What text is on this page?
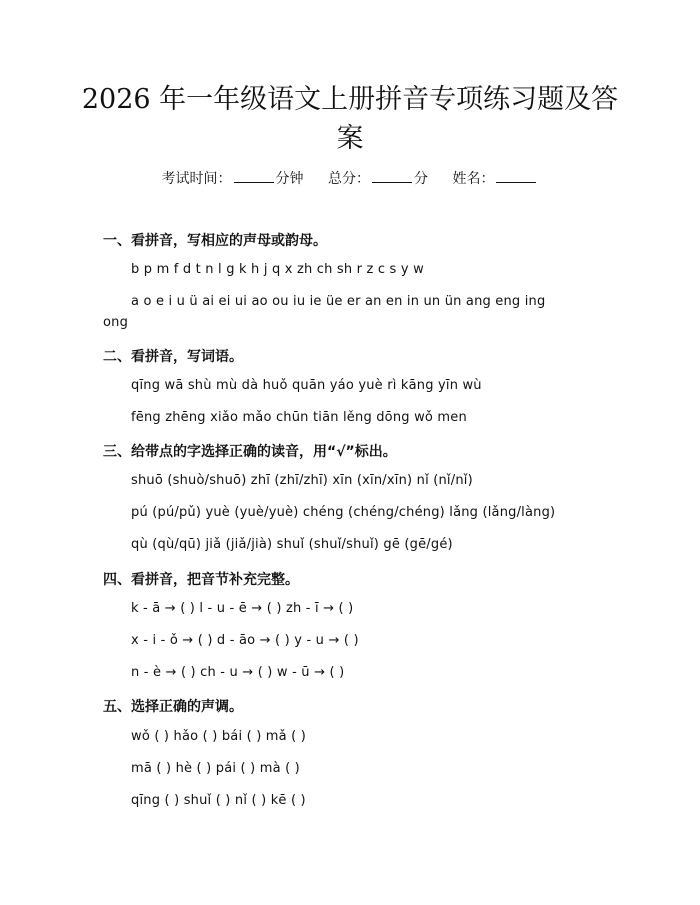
2026 年一年级语文上册拼音专项练习题及答
案
考试时间：	分钟 总分：	分 姓名：
一、看拼音，写相应的声母或韵母。
b p m f d t n l g k h j q x zh ch sh r z c s y w
a o e i u ü ai ei ui ao ou iu ie üe er an en in un ün ang eng ing
ong
二、看拼音，写词语。
qīng wā shù mù dà huǒ quān yáo yuè rì kāng yīn wù
fēng zhēng xiǎo mǎo chūn tiān lěng dōng wǒ men
三、给带点的字选择正确的读音，用“√”标出。
shuō (shuò/shuō) zhī (zhī/zhī) xīn (xīn/xīn) nǐ (nǐ/nǐ)
pú (pú/pǔ) yuè (yuè/yuè) chéng (chéng/chéng) lǎng (lǎng/làng)
qù (qù/qū) jiǎ (jiǎ/jià) shuǐ (shuǐ/shuǐ) gē (gē/gé)
四、看拼音，把音节补充完整。
k - ā → ( ) l - u - ē → ( ) zh - ī → ( )
x - i - ǒ → ( ) d - āo → ( ) y - u → ( )
n - è → ( ) ch - u → ( ) w - ū → ( )
五、选择正确的声调。
wǒ ( ) hǎo ( ) bái ( ) mǎ ( )
mā ( ) hè ( ) pái ( ) mà ( )
qīng ( ) shuǐ ( ) nǐ ( ) kē ( )
